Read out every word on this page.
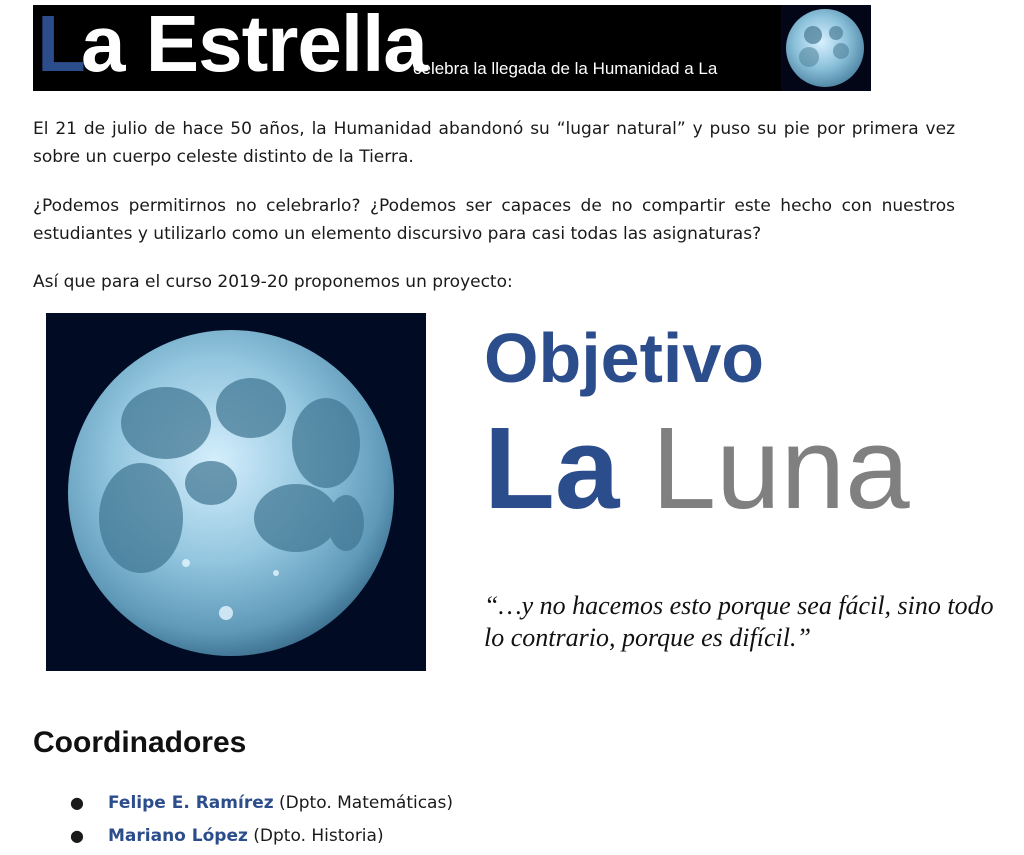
L
a Estrella
celebra la llegada de la Humanidad a La
El 21 de julio de hace 50 años, la Humanidad abandonó su “lugar natural” y puso su pie por primera vez sobre un cuerpo celeste distinto de la Tierra.
¿Podemos permitirnos no celebrarlo? ¿Podemos ser capaces de no compartir este hecho con nuestros estudiantes y utilizarlo como un elemento discursivo para casi todas las asignaturas?
Así que para el curso 2019-20 proponemos un proyecto:
Objetivo
La Luna
“…y no hacemos esto porque sea fácil, sino todo lo contrario, porque es difícil.”
Coordinadores
● Felipe E. Ramírez (Dpto. Matemáticas)
● Mariano López (Dpto. Historia)
